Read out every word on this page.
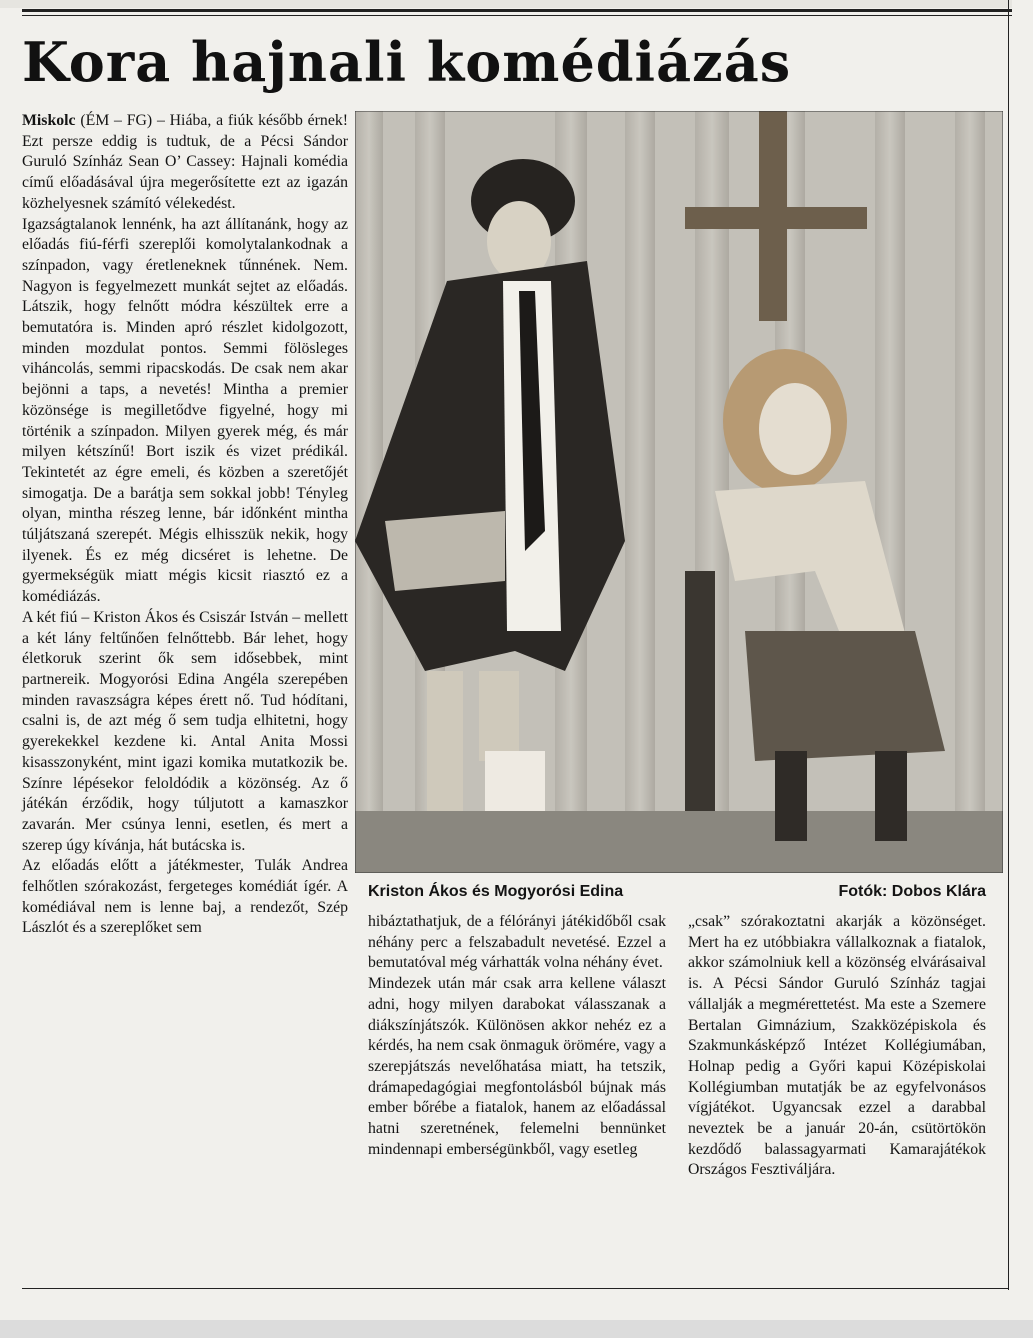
Kora hajnali komédiázás

Miskolc (ÉM – FG) – Hiába, a fiúk később érnek! Ezt persze eddig is tudtuk, de a Pécsi Sándor Guruló Színház Sean O’ Cassey: Hajnali komédia című előadásával újra megerősítette ezt az igazán közhelyesnek számító vélekedést.

Igazságtalanok lennénk, ha azt állítanánk, hogy az előadás fiú-férfi szereplői komolytalankodnak a színpadon, vagy éretleneknek tűnnének. Nem. Nagyon is fegyelmezett munkát sejtet az előadás. Látszik, hogy felnőtt módra készültek erre a bemutatóra is. Minden apró részlet kidolgozott, minden mozdulat pontos. Semmi fölösleges viháncolás, semmi ripacskodás. De csak nem akar bejönni a taps, a nevetés! Mintha a premier közönsége is megilletődve figyelné, hogy mi történik a színpadon. Milyen gyerek még, és már milyen kétszínű! Bort iszik és vizet prédikál. Tekintetét az égre emeli, és közben a szeretőjét simogatja. De a barátja sem sokkal jobb! Tényleg olyan, mintha részeg lenne, bár időnként mintha túljátszaná szerepét. Mégis elhisszük nekik, hogy ilyenek. És ez még dicséret is lehetne. De gyermekségük miatt mégis kicsit riasztó ez a komédiázás.

A két fiú – Kriston Ákos és Csiszár István – mellett a két lány feltűnően felnőttebb. Bár lehet, hogy életkoruk szerint ők sem idősebbek, mint partnereik. Mogyorósi Edina Angéla szerepében minden ravaszságra képes érett nő. Tud hódítani, csalni is, de azt még ő sem tudja elhitetni, hogy gyerekekkel kezdene ki. Antal Anita Mossi kisasszonyként, mint igazi komika mutatkozik be. Színre lépésekor feloldódik a közönség. Az ő játékán érződik, hogy túljutott a kamaszkor zavarán. Mer csúnya lenni, esetlen, és mert a szerep úgy kívánja, hát butácska is.

Az előadás előtt a játékmester, Tulák Andrea felhőtlen szórakozást, fergeteges komédiát ígér. A komédiával nem is lenne baj, a rendezőt, Szép Lászlót és a szereplőket sem

Kriston Ákos és Mogyorósi Edina	Fotók: Dobos Klára

hibáztathatjuk, de a félórányi játékidőből csak néhány perc a felszabadult nevetésé. Ezzel a bemutatóval még várhatták volna néhány évet.

Mindezek után már csak arra kellene választ adni, hogy milyen darabokat válasszanak a diákszínjátszók. Különösen akkor nehéz ez a kérdés, ha nem csak önmaguk örömére, vagy a szerepjátszás nevelőhatása miatt, ha tetszik, drámapedagógiai megfontolásból bújnak más ember bőrébe a fiatalok, hanem az előadással hatni szeretnének, felemelni bennünket mindennapi emberségünkből, vagy esetleg

„csak” szórakoztatni akarják a közönséget. Mert ha ez utóbbiakra vállalkoznak a fiatalok, akkor számolniuk kell a közönség elvárásaival is. A Pécsi Sándor Guruló Színház tagjai vállalják a megmérettetést. Ma este a Szemere Bertalan Gimnázium, Szakközépiskola és Szakmunkásképző Intézet Kollégiumában, Holnap pedig a Győri kapui Középiskolai Kollégiumban mutatják be az egyfelvonásos vígjátékot. Ugyancsak ezzel a darabbal neveztek be a január 20-án, csütörtökön kezdődő balassagyarmati Kamarajátékok Országos Fesztiváljára.
